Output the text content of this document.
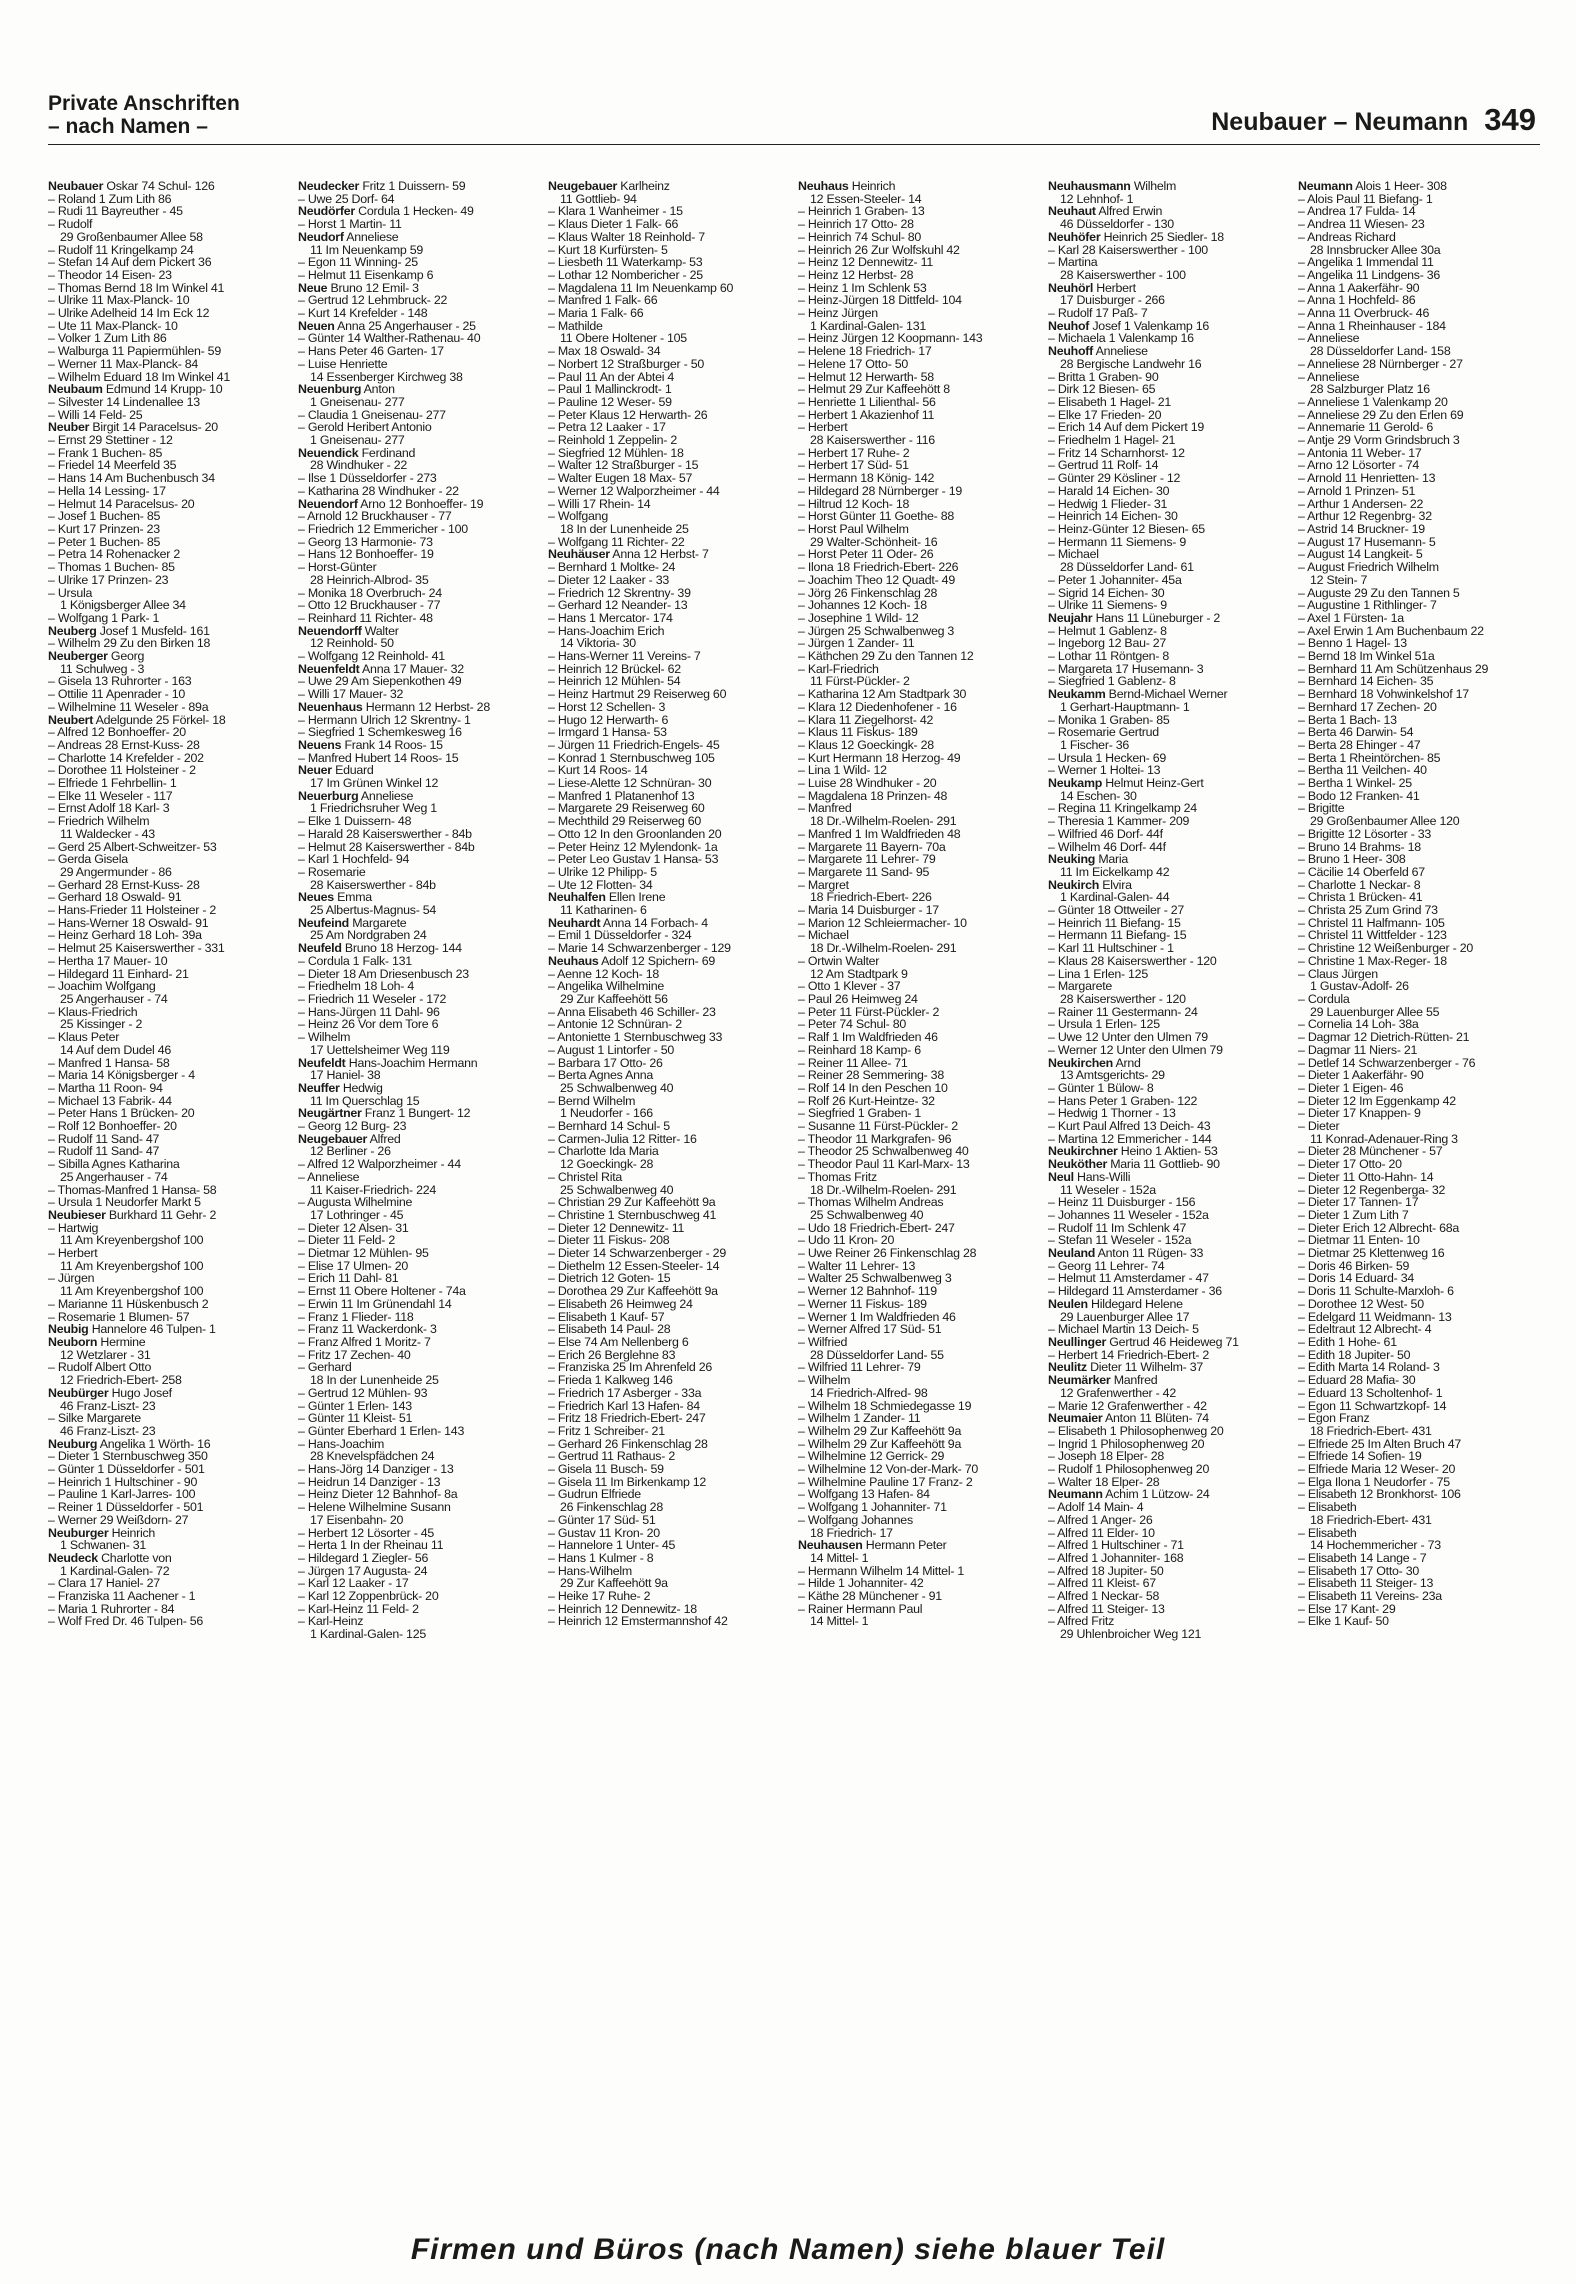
Private Anschriften
– nach Namen –	Neubauer – Neumann 349
Neubauer Oskar 74 Schul- 126
– Roland 1 Zum Lith 86
– Rudi 11 Bayreuther - 45
– Rudolf
29 Großenbaumer Allee 58
– Rudolf 11 Kringelkamp 24
– Stefan 14 Auf dem Pickert 36
– Theodor 14 Eisen- 23
– Thomas Bernd 18 Im Winkel 41
– Ulrike 11 Max-Planck- 10
– Ulrike Adelheid 14 Im Eck 12
– Ute 11 Max-Planck- 10
– Volker 1 Zum Lith 86
– Walburga 11 Papiermühlen- 59
– Werner 11 Max-Planck- 84
– Wilhelm Eduard 18 Im Winkel 41
Neubaum Edmund 14 Krupp- 10
– Silvester 14 Lindenallee 13
– Willi 14 Feld- 25
Neuber Birgit 14 Paracelsus- 20
– Ernst 29 Stettiner - 12
– Frank 1 Buchen- 85
– Friedel 14 Meerfeld 35
– Hans 14 Am Buchenbusch 34
– Hella 14 Lessing- 17
– Helmut 14 Paracelsus- 20
– Josef 1 Buchen- 85
– Kurt 17 Prinzen- 23
– Peter 1 Buchen- 85
– Petra 14 Rohenacker 2
– Thomas 1 Buchen- 85
– Ulrike 17 Prinzen- 23
– Ursula
1 Königsberger Allee 34
– Wolfgang 1 Park- 1
Neuberg Josef 1 Musfeld- 161
– Wilhelm 29 Zu den Birken 18
Neuberger Georg
11 Schulweg - 3
– Gisela 13 Ruhrorter - 163
– Ottilie 11 Apenrader - 10
– Wilhelmine 11 Weseler - 89a
Neubert Adelgunde 25 Förkel- 18
– Alfred 12 Bonhoeffer- 20
– Andreas 28 Ernst-Kuss- 28
– Charlotte 14 Krefelder - 202
– Dorothee 11 Holsteiner - 2
– Elfriede 1 Fehrbellin- 1
– Elke 11 Weseler - 117
– Ernst Adolf 18 Karl- 3
– Friedrich Wilhelm
11 Waldecker - 43
– Gerd 25 Albert-Schweitzer- 53
– Gerda Gisela
29 Angermunder - 86
– Gerhard 28 Ernst-Kuss- 28
– Gerhard 18 Oswald- 91
– Hans-Frieder 11 Holsteiner - 2
– Hans-Werner 18 Oswald- 91
– Heinz Gerhard 18 Loh- 39a
– Helmut 25 Kaiserswerther - 331
– Hertha 17 Mauer- 10
– Hildegard 11 Einhard- 21
– Joachim Wolfgang
25 Angerhauser - 74
– Klaus-Friedrich
25 Kissinger - 2
– Klaus Peter
14 Auf dem Dudel 46
– Manfred 1 Hansa- 58
– Maria 14 Königsberger - 4
– Martha 11 Roon- 94
– Michael 13 Fabrik- 44
– Peter Hans 1 Brücken- 20
– Rolf 12 Bonhoeffer- 20
– Rudolf 11 Sand- 47
– Rudolf 11 Sand- 47
– Sibilla Agnes Katharina
25 Angerhauser - 74
– Thomas-Manfred 1 Hansa- 58
– Ursula 1 Neudorfer Markt 5
Neubieser Burkhard 11 Gehr- 2
– Hartwig
11 Am Kreyenbergshof 100
– Herbert
11 Am Kreyenbergshof 100
– Jürgen
11 Am Kreyenbergshof 100
– Marianne 11 Hüskenbusch 2
– Rosemarie 1 Blumen- 57
Neubig Hannelore 46 Tulpen- 1
Neuborn Hermine
12 Wetzlarer - 31
– Rudolf Albert Otto
12 Friedrich-Ebert- 258
Neubürger Hugo Josef
46 Franz-Liszt- 23
– Silke Margarete
46 Franz-Liszt- 23
Neuburg Angelika 1 Wörth- 16
– Dieter 1 Sternbuschweg 350
– Günter 1 Düsseldorfer - 501
– Heinrich 1 Hultschiner - 90
– Pauline 1 Karl-Jarres- 100
– Reiner 1 Düsseldorfer - 501
– Werner 29 Weißdorn- 27
Neuburger Heinrich
1 Schwanen- 31
Neudeck Charlotte von
1 Kardinal-Galen- 72
– Clara 17 Haniel- 27
– Franziska 11 Aachener - 1
– Maria 1 Ruhrorter - 84
– Wolf Fred Dr. 46 Tulpen- 56
Neudecker Fritz 1 Duissern- 59
– Uwe 25 Dorf- 64
Neudörfer Cordula 1 Hecken- 49
– Horst 1 Martin- 11
Neudorf Anneliese
11 Im Neuenkamp 59
– Egon 11 Winning- 25
– Helmut 11 Eisenkamp 6
Neue Bruno 12 Emil- 3
– Gertrud 12 Lehmbruck- 22
– Kurt 14 Krefelder - 148
Neuen Anna 25 Angerhauser - 25
– Günter 14 Walther-Rathenau- 40
– Hans Peter 46 Garten- 17
– Luise Henriette
14 Essenberger Kirchweg 38
Neuenburg Anton
1 Gneisenau- 277
– Claudia 1 Gneisenau- 277
– Gerold Heribert Antonio
1 Gneisenau- 277
Neuendick Ferdinand
28 Windhuker - 22
– Ilse 1 Düsseldorfer - 273
– Katharina 28 Windhuker - 22
Neuendorf Arno 12 Bonhoeffer- 19
– Arnold 12 Bruckhauser - 77
– Friedrich 12 Emmericher - 100
– Georg 13 Harmonie- 73
– Hans 12 Bonhoeffer- 19
– Horst-Günter
28 Heinrich-Albrod- 35
– Monika 18 Overbruch- 24
– Otto 12 Bruckhauser - 77
– Reinhard 11 Richter- 48
Neuendorff Walter
12 Reinhold- 50
– Wolfgang 12 Reinhold- 41
Neuenfeldt Anna 17 Mauer- 32
– Uwe 29 Am Siepenkothen 49
– Willi 17 Mauer- 32
Neuenhaus Hermann 12 Herbst- 28
– Hermann Ulrich 12 Skrentny- 1
– Siegfried 1 Schemkesweg 16
Neuens Frank 14 Roos- 15
– Manfred Hubert 14 Roos- 15
Neuer Eduard
17 Im Grünen Winkel 12
Neuerburg Anneliese
1 Friedrichsruher Weg 1
– Elke 1 Duissern- 48
– Harald 28 Kaiserswerther - 84b
– Helmut 28 Kaiserswerther - 84b
– Karl 1 Hochfeld- 94
– Rosemarie
28 Kaiserswerther - 84b
Neues Emma
25 Albertus-Magnus- 54
Neufeind Margarete
25 Am Nordgraben 24
Neufeld Bruno 18 Herzog- 144
– Cordula 1 Falk- 131
– Dieter 18 Am Driesenbusch 23
– Friedhelm 18 Loh- 4
– Friedrich 11 Weseler - 172
– Hans-Jürgen 11 Dahl- 96
– Heinz 26 Vor dem Tore 6
– Wilhelm
17 Uettelsheimer Weg 119
Neufeldt Hans-Joachim Hermann
17 Haniel- 38
Neuffer Hedwig
11 Im Querschlag 15
Neugärtner Franz 1 Bungert- 12
– Georg 12 Burg- 23
Neugebauer Alfred
12 Berliner - 26
– Alfred 12 Walporzheimer - 44
– Anneliese
11 Kaiser-Friedrich- 224
– Augusta Wilhelmine
17 Lothringer - 45
– Dieter 12 Alsen- 31
– Dieter 11 Feld- 2
– Dietmar 12 Mühlen- 95
– Elise 17 Ulmen- 20
– Erich 11 Dahl- 81
– Ernst 11 Obere Holtener - 74a
– Erwin 11 Im Grünendahl 14
– Franz 1 Flieder- 118
– Franz 11 Wackerdonk- 3
– Franz Alfred 1 Moritz- 7
– Fritz 17 Zechen- 40
– Gerhard
18 In der Lunenheide 25
– Gertrud 12 Mühlen- 93
– Günter 1 Erlen- 143
– Günter 11 Kleist- 51
– Günter Eberhard 1 Erlen- 143
– Hans-Joachim
28 Knevelspfädchen 24
– Hans-Jörg 14 Danziger - 13
– Heidrun 14 Danziger - 13
– Heinz Dieter 12 Bahnhof- 8a
– Helene Wilhelmine Susann
17 Eisenbahn- 20
– Herbert 12 Lösorter - 45
– Herta 1 In der Rheinau 11
– Hildegard 1 Ziegler- 56
– Jürgen 17 Augusta- 24
– Karl 12 Laaker - 17
– Karl 12 Zoppenbrück- 20
– Karl-Heinz 11 Feld- 2
– Karl-Heinz
1 Kardinal-Galen- 125
Neugebauer Karlheinz
11 Gottlieb- 94
– Klara 1 Wanheimer - 15
– Klaus Dieter 1 Falk- 66
– Klaus Walter 18 Reinhold- 7
– Kurt 18 Kurfürsten- 5
– Liesbeth 11 Waterkamp- 53
– Lothar 12 Nombericher - 25
– Magdalena 11 Im Neuenkamp 60
– Manfred 1 Falk- 66
– Maria 1 Falk- 66
– Mathilde
11 Obere Holtener - 105
– Max 18 Oswald- 34
– Norbert 12 Straßburger - 50
– Paul 11 An der Abtei 4
– Paul 1 Mallinckrodt- 1
– Pauline 12 Weser- 59
– Peter Klaus 12 Herwarth- 26
– Petra 12 Laaker - 17
– Reinhold 1 Zeppelin- 2
– Siegfried 12 Mühlen- 18
– Walter 12 Straßburger - 15
– Walter Eugen 18 Max- 57
– Werner 12 Walporzheimer - 44
– Willi 17 Rhein- 14
– Wolfgang
18 In der Lunenheide 25
– Wolfgang 11 Richter- 22
Neuhäuser Anna 12 Herbst- 7
– Bernhard 1 Moltke- 24
– Dieter 12 Laaker - 33
– Friedrich 12 Skrentny- 39
– Gerhard 12 Neander- 13
– Hans 1 Mercator- 174
– Hans-Joachim Erich
14 Viktoria- 30
– Hans-Werner 11 Vereins- 7
– Heinrich 12 Brückel- 62
– Heinrich 12 Mühlen- 54
– Heinz Hartmut 29 Reiserweg 60
– Horst 12 Schellen- 3
– Hugo 12 Herwarth- 6
– Irmgard 1 Hansa- 53
– Jürgen 11 Friedrich-Engels- 45
– Konrad 1 Sternbuschweg 105
– Kurt 14 Roos- 14
– Liese-Alette 12 Schnüran- 30
– Manfred 1 Platanenhof 13
– Margarete 29 Reiserweg 60
– Mechthild 29 Reiserweg 60
– Otto 12 In den Groonlanden 20
– Peter Heinz 12 Mylendonk- 1a
– Peter Leo Gustav 1 Hansa- 53
– Ulrike 12 Philipp- 5
– Ute 12 Flotten- 34
Neuhalfen Ellen Irene
11 Katharinen- 6
Neuhardt Anna 14 Forbach- 4
– Emil 1 Düsseldorfer - 324
– Marie 14 Schwarzenberger - 129
Neuhaus Adolf 12 Spichern- 69
– Aenne 12 Koch- 18
– Angelika Wilhelmine
29 Zur Kaffeehött 56
– Anna Elisabeth 46 Schiller- 23
– Antonie 12 Schnüran- 2
– Antoniette 1 Sternbuschweg 33
– August 1 Lintorfer - 50
– Barbara 17 Otto- 26
– Berta Agnes Anna
25 Schwalbenweg 40
– Bernd Wilhelm
1 Neudorfer - 166
– Bernhard 14 Schul- 5
– Carmen-Julia 12 Ritter- 16
– Charlotte Ida Maria
12 Goeckingk- 28
– Christel Rita
25 Schwalbenweg 40
– Christian 29 Zur Kaffeehött 9a
– Christine 1 Sternbuschweg 41
– Dieter 12 Dennewitz- 11
– Dieter 11 Fiskus- 208
– Dieter 14 Schwarzenberger - 29
– Diethelm 12 Essen-Steeler- 14
– Dietrich 12 Goten- 15
– Dorothea 29 Zur Kaffeehött 9a
– Elisabeth 26 Heimweg 24
– Elisabeth 1 Kauf- 57
– Elisabeth 14 Paul- 28
– Else 74 Am Nellenberg 6
– Erich 26 Berglehne 83
– Franziska 25 Im Ahrenfeld 26
– Frieda 1 Kalkweg 146
– Friedrich 17 Asberger - 33a
– Friedrich Karl 13 Hafen- 84
– Fritz 18 Friedrich-Ebert- 247
– Fritz 1 Schreiber- 21
– Gerhard 26 Finkenschlag 28
– Gertrud 11 Rathaus- 2
– Gisela 11 Busch- 59
– Gisela 11 Im Birkenkamp 12
– Gudrun Elfriede
26 Finkenschlag 28
– Günter 17 Süd- 51
– Gustav 11 Kron- 20
– Hannelore 1 Unter- 45
– Hans 1 Kulmer - 8
– Hans-Wilhelm
29 Zur Kaffeehött 9a
– Heike 17 Ruhe- 2
– Heinrich 12 Dennewitz- 18
– Heinrich 12 Emstermannshof 42
Neuhaus Heinrich
12 Essen-Steeler- 14
– Heinrich 1 Graben- 13
– Heinrich 17 Otto- 28
– Heinrich 74 Schul- 80
– Heinrich 26 Zur Wolfskuhl 42
– Heinz 12 Dennewitz- 11
– Heinz 12 Herbst- 28
– Heinz 1 Im Schlenk 53
– Heinz-Jürgen 18 Dittfeld- 104
– Heinz Jürgen
1 Kardinal-Galen- 131
– Heinz Jürgen 12 Koopmann- 143
– Helene 18 Friedrich- 17
– Helene 17 Otto- 50
– Helmut 12 Herwarth- 58
– Helmut 29 Zur Kaffeehött 8
– Henriette 1 Lilienthal- 56
– Herbert 1 Akazienhof 11
– Herbert
28 Kaiserswerther - 116
– Herbert 17 Ruhe- 2
– Herbert 17 Süd- 51
– Hermann 18 König- 142
– Hildegard 28 Nürnberger - 19
– Hiltrud 12 Koch- 18
– Horst Günter 11 Goethe- 88
– Horst Paul Wilhelm
29 Walter-Schönheit- 16
– Horst Peter 11 Oder- 26
– Ilona 18 Friedrich-Ebert- 226
– Joachim Theo 12 Quadt- 49
– Jörg 26 Finkenschlag 28
– Johannes 12 Koch- 18
– Josephine 1 Wild- 12
– Jürgen 25 Schwalbenweg 3
– Jürgen 1 Zander- 11
– Käthchen 29 Zu den Tannen 12
– Karl-Friedrich
11 Fürst-Pückler- 2
– Katharina 12 Am Stadtpark 30
– Klara 12 Diedenhofener - 16
– Klara 11 Ziegelhorst- 42
– Klaus 11 Fiskus- 189
– Klaus 12 Goeckingk- 28
– Kurt Hermann 18 Herzog- 49
– Lina 1 Wild- 12
– Luise 28 Windhuker - 20
– Magdalena 18 Prinzen- 48
– Manfred
18 Dr.-Wilhelm-Roelen- 291
– Manfred 1 Im Waldfrieden 48
– Margarete 11 Bayern- 70a
– Margarete 11 Lehrer- 79
– Margarete 11 Sand- 95
– Margret
18 Friedrich-Ebert- 226
– Maria 14 Duisburger - 17
– Marion 12 Schleiermacher- 10
– Michael
18 Dr.-Wilhelm-Roelen- 291
– Ortwin Walter
12 Am Stadtpark 9
– Otto 1 Klever - 37
– Paul 26 Heimweg 24
– Peter 11 Fürst-Pückler- 2
– Peter 74 Schul- 80
– Ralf 1 Im Waldfrieden 46
– Reinhard 18 Kamp- 6
– Reiner 11 Allee- 71
– Reiner 28 Semmering- 38
– Rolf 14 In den Peschen 10
– Rolf 26 Kurt-Heintze- 32
– Siegfried 1 Graben- 1
– Susanne 11 Fürst-Pückler- 2
– Theodor 11 Markgrafen- 96
– Theodor 25 Schwalbenweg 40
– Theodor Paul 11 Karl-Marx- 13
– Thomas Fritz
18 Dr.-Wilhelm-Roelen- 291
– Thomas Wilhelm Andreas
25 Schwalbenweg 40
– Udo 18 Friedrich-Ebert- 247
– Udo 11 Kron- 20
– Uwe Reiner 26 Finkenschlag 28
– Walter 11 Lehrer- 13
– Walter 25 Schwalbenweg 3
– Werner 12 Bahnhof- 119
– Werner 11 Fiskus- 189
– Werner 1 Im Waldfrieden 46
– Werner Alfred 17 Süd- 51
– Wilfried
28 Düsseldorfer Land- 55
– Wilfried 11 Lehrer- 79
– Wilhelm
14 Friedrich-Alfred- 98
– Wilhelm 18 Schmiedegasse 19
– Wilhelm 1 Zander- 11
– Wilhelm 29 Zur Kaffeehött 9a
– Wilhelm 29 Zur Kaffeehött 9a
– Wilhelmine 12 Gerrick- 29
– Wilhelmine 12 Von-der-Mark- 70
– Wilhelmine Pauline 17 Franz- 2
– Wolfgang 13 Hafen- 84
– Wolfgang 1 Johanniter- 71
– Wolfgang Johannes
18 Friedrich- 17
Neuhausen Hermann Peter
14 Mittel- 1
– Hermann Wilhelm 14 Mittel- 1
– Hilde 1 Johanniter- 42
– Käthe 28 Münchener - 91
– Rainer Hermann Paul
14 Mittel- 1
Neuhausmann Wilhelm
12 Lehnhof- 1
Neuhaut Alfred Erwin
46 Düsseldorfer - 130
Neuhöfer Heinrich 25 Siedler- 18
– Karl 28 Kaiserswerther - 100
– Martina
28 Kaiserswerther - 100
Neuhörl Herbert
17 Duisburger - 266
– Rudolf 17 Paß- 7
Neuhof Josef 1 Valenkamp 16
– Michaela 1 Valenkamp 16
Neuhoff Anneliese
28 Bergische Landwehr 16
– Britta 1 Graben- 90
– Dirk 12 Biesen- 65
– Elisabeth 1 Hagel- 21
– Elke 17 Frieden- 20
– Erich 14 Auf dem Pickert 19
– Friedhelm 1 Hagel- 21
– Fritz 14 Scharnhorst- 12
– Gertrud 11 Rolf- 14
– Günter 29 Kösliner - 12
– Harald 14 Eichen- 30
– Hedwig 1 Flieder- 31
– Heinrich 14 Eichen- 30
– Heinz-Günter 12 Biesen- 65
– Hermann 11 Siemens- 9
– Michael
28 Düsseldorfer Land- 61
– Peter 1 Johanniter- 45a
– Sigrid 14 Eichen- 30
– Ulrike 11 Siemens- 9
Neujahr Hans 11 Lüneburger - 2
– Helmut 1 Gablenz- 8
– Ingeborg 12 Bau- 27
– Lothar 11 Röntgen- 8
– Margareta 17 Husemann- 3
– Siegfried 1 Gablenz- 8
Neukamm Bernd-Michael Werner
1 Gerhart-Hauptmann- 1
– Monika 1 Graben- 85
– Rosemarie Gertrud
1 Fischer- 36
– Ursula 1 Hecken- 69
– Werner 1 Holtei- 13
Neukamp Helmut Heinz-Gert
14 Eschen- 30
– Regina 11 Kringelkamp 24
– Theresia 1 Kammer- 209
– Wilfried 46 Dorf- 44f
– Wilhelm 46 Dorf- 44f
Neuking Maria
11 Im Eickelkamp 42
Neukirch Elvira
1 Kardinal-Galen- 44
– Günter 18 Ottweiler - 27
– Heinrich 11 Biefang- 15
– Hermann 11 Biefang- 15
– Karl 11 Hultschiner - 1
– Klaus 28 Kaiserswerther - 120
– Lina 1 Erlen- 125
– Margarete
28 Kaiserswerther - 120
– Rainer 11 Gestermann- 24
– Ursula 1 Erlen- 125
– Uwe 12 Unter den Ulmen 79
– Werner 12 Unter den Ulmen 79
Neukirchen Arnd
13 Amtsgerichts- 29
– Günter 1 Bülow- 8
– Hans Peter 1 Graben- 122
– Hedwig 1 Thorner - 13
– Kurt Paul Alfred 13 Deich- 43
– Martina 12 Emmericher - 144
Neukirchner Heino 1 Aktien- 53
Neuköther Maria 11 Gottlieb- 90
Neul Hans-Willi
11 Weseler - 152a
– Heinz 11 Duisburger - 156
– Johannes 11 Weseler - 152a
– Rudolf 11 Im Schlenk 47
– Stefan 11 Weseler - 152a
Neuland Anton 11 Rügen- 33
– Georg 11 Lehrer- 74
– Helmut 11 Amsterdamer - 47
– Hildegard 11 Amsterdamer - 36
Neulen Hildegard Helene
29 Lauenburger Allee 17
– Michael Martin 13 Deich- 5
Neullinger Gertrud 46 Heideweg 71
– Herbert 14 Friedrich-Ebert- 2
Neulitz Dieter 11 Wilhelm- 37
Neumärker Manfred
12 Grafenwerther - 42
– Marie 12 Grafenwerther - 42
Neumaier Anton 11 Blüten- 74
– Elisabeth 1 Philosophenweg 20
– Ingrid 1 Philosophenweg 20
– Joseph 18 Elper- 28
– Rudolf 1 Philosophenweg 20
– Walter 18 Elper- 28
Neumann Achim 1 Lützow- 24
– Adolf 14 Main- 4
– Alfred 1 Anger- 26
– Alfred 11 Elder- 10
– Alfred 1 Hultschiner - 71
– Alfred 1 Johanniter- 168
– Alfred 18 Jupiter- 50
– Alfred 11 Kleist- 67
– Alfred 1 Neckar- 58
– Alfred 11 Steiger- 13
– Alfred Fritz
29 Uhlenbroicher Weg 121
Neumann Alois 1 Heer- 308
– Alois Paul 11 Biefang- 1
– Andrea 17 Fulda- 14
– Andrea 11 Wiesen- 23
– Andreas Richard
28 Innsbrucker Allee 30a
– Angelika 1 Immendal 11
– Angelika 11 Lindgens- 36
– Anna 1 Aakerfähr- 90
– Anna 1 Hochfeld- 86
– Anna 11 Overbruck- 46
– Anna 1 Rheinhauser - 184
– Anneliese
28 Düsseldorfer Land- 158
– Anneliese 28 Nürnberger - 27
– Anneliese
28 Salzburger Platz 16
– Anneliese 1 Valenkamp 20
– Anneliese 29 Zu den Erlen 69
– Annemarie 11 Gerold- 6
– Antje 29 Vorm Grindsbruch 3
– Antonia 11 Weber- 17
– Arno 12 Lösorter - 74
– Arnold 11 Henrietten- 13
– Arnold 1 Prinzen- 51
– Arthur 1 Andersen- 22
– Arthur 12 Regenbrg- 32
– Astrid 14 Bruckner- 19
– August 17 Husemann- 5
– August 14 Langkeit- 5
– August Friedrich Wilhelm
12 Stein- 7
– Auguste 29 Zu den Tannen 5
– Augustine 1 Rithlinger- 7
– Axel 1 Fürsten- 1a
– Axel Erwin 1 Am Buchenbaum 22
– Benno 1 Hagel- 13
– Bernd 18 Im Winkel 51a
– Bernhard 11 Am Schützenhaus 29
– Bernhard 14 Eichen- 35
– Bernhard 18 Vohwinkelshof 17
– Bernhard 17 Zechen- 20
– Berta 1 Bach- 13
– Berta 46 Darwin- 54
– Berta 28 Ehinger - 47
– Berta 1 Rheintörchen- 85
– Bertha 11 Veilchen- 40
– Bertha 1 Winkel- 25
– Bodo 12 Franken- 41
– Brigitte
29 Großenbaumer Allee 120
– Brigitte 12 Lösorter - 33
– Bruno 14 Brahms- 18
– Bruno 1 Heer- 308
– Cäcilie 14 Oberfeld 67
– Charlotte 1 Neckar- 8
– Christa 1 Brücken- 41
– Christa 25 Zum Grind 73
– Christel 11 Halfmann- 105
– Christel 11 Wittfelder - 123
– Christine 12 Weißenburger - 20
– Christine 1 Max-Reger- 18
– Claus Jürgen
1 Gustav-Adolf- 26
– Cordula
29 Lauenburger Allee 55
– Cornelia 14 Loh- 38a
– Dagmar 12 Dietrich-Rütten- 21
– Dagmar 11 Niers- 21
– Detlef 14 Schwarzenberger - 76
– Dieter 1 Aakerfähr- 90
– Dieter 1 Eigen- 46
– Dieter 12 Im Eggenkamp 42
– Dieter 17 Knappen- 9
– Dieter
11 Konrad-Adenauer-Ring 3
– Dieter 28 Münchener - 57
– Dieter 17 Otto- 20
– Dieter 11 Otto-Hahn- 14
– Dieter 12 Regenberga- 32
– Dieter 17 Tannen- 17
– Dieter 1 Zum Lith 7
– Dieter Erich 12 Albrecht- 68a
– Dietmar 11 Enten- 10
– Dietmar 25 Klettenweg 16
– Doris 46 Birken- 59
– Doris 14 Eduard- 34
– Doris 11 Schulte-Marxloh- 6
– Dorothee 12 West- 50
– Edelgard 11 Weidmann- 13
– Edeltraut 12 Albrecht- 4
– Edith 1 Hohe- 61
– Edith 18 Jupiter- 50
– Edith Marta 14 Roland- 3
– Eduard 28 Mafia- 30
– Eduard 13 Scholtenhof- 1
– Egon 11 Schwartzkopf- 14
– Egon Franz
18 Friedrich-Ebert- 431
– Elfriede 25 Im Alten Bruch 47
– Elfriede 14 Sofien- 19
– Elfriede Maria 12 Weser- 20
– Elga Ilona 1 Neudorfer - 75
– Elisabeth 12 Bronkhorst- 106
– Elisabeth
18 Friedrich-Ebert- 431
– Elisabeth
14 Hochemmericher - 73
– Elisabeth 14 Lange - 7
– Elisabeth 17 Otto- 30
– Elisabeth 11 Steiger- 13
– Elisabeth 11 Vereins- 23a
– Else 17 Kant- 29
– Elke 1 Kauf- 50
Firmen und Büros (nach Namen) siehe blauer Teil
